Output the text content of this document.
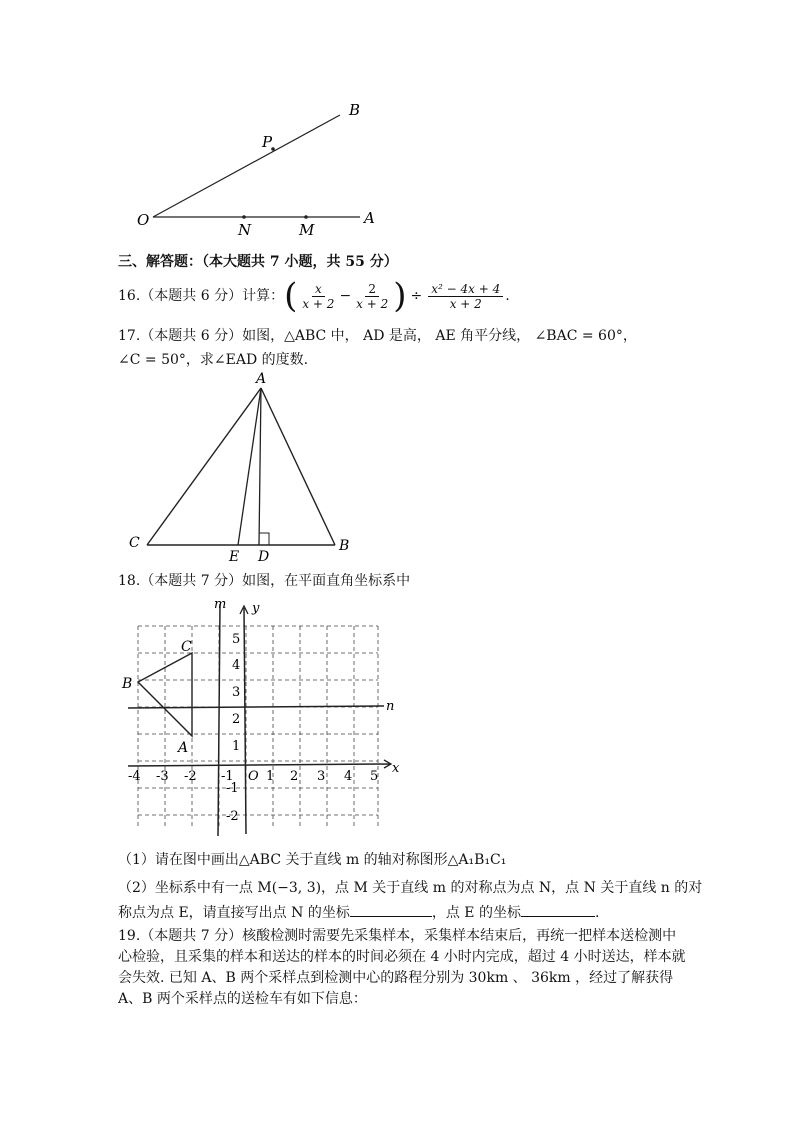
B
P
O
N	M
A
三、解答题：（本大题共 7 小题，共 55 分）
16.（本题共 6 分）计算： ( $\frac{x}{x + 2} - \frac{2}{x + 2}$ ) ÷ $\frac{\text{x² − 4x + 4}}{x + 2}$ .
17.（本题共 6 分）如图，△ABC 中， AD 是高， AE 角平分线， ∠BAC = 60°，
∠C = 50°，求∠EAD 的度数.
A
C
E D
B
18.（本题共 7 分）如图，在平面直角坐标系中
C
B
A
m y
n
x
-4 -3 -2 -1 O 1 2 3 4 5
5
4
3
2
1
-1
-2
（1）请在图中画出△ABC 关于直线 m 的轴对称图形△A₁B₁C₁
（2）坐标系中有一点 M(−3, 3)，点 M 关于直线 m 的对称点为点 N，点 N 关于直线 n 的对
称点为点 E，请直接写出点 N 的坐标	，点 E 的坐标	.
19.（本题共 7 分）核酸检测时需要先采集样本，采集样本结束后，再统一把样本送检测中
心检验，且采集的样本和送达的样本的时间必须在 4 小时内完成，超过 4 小时送达，样本就
会失效. 已知 A、B 两个采样点到检测中心的路程分别为 30km 、 36km ，经过了解获得
A、B 两个采样点的送检车有如下信息：
